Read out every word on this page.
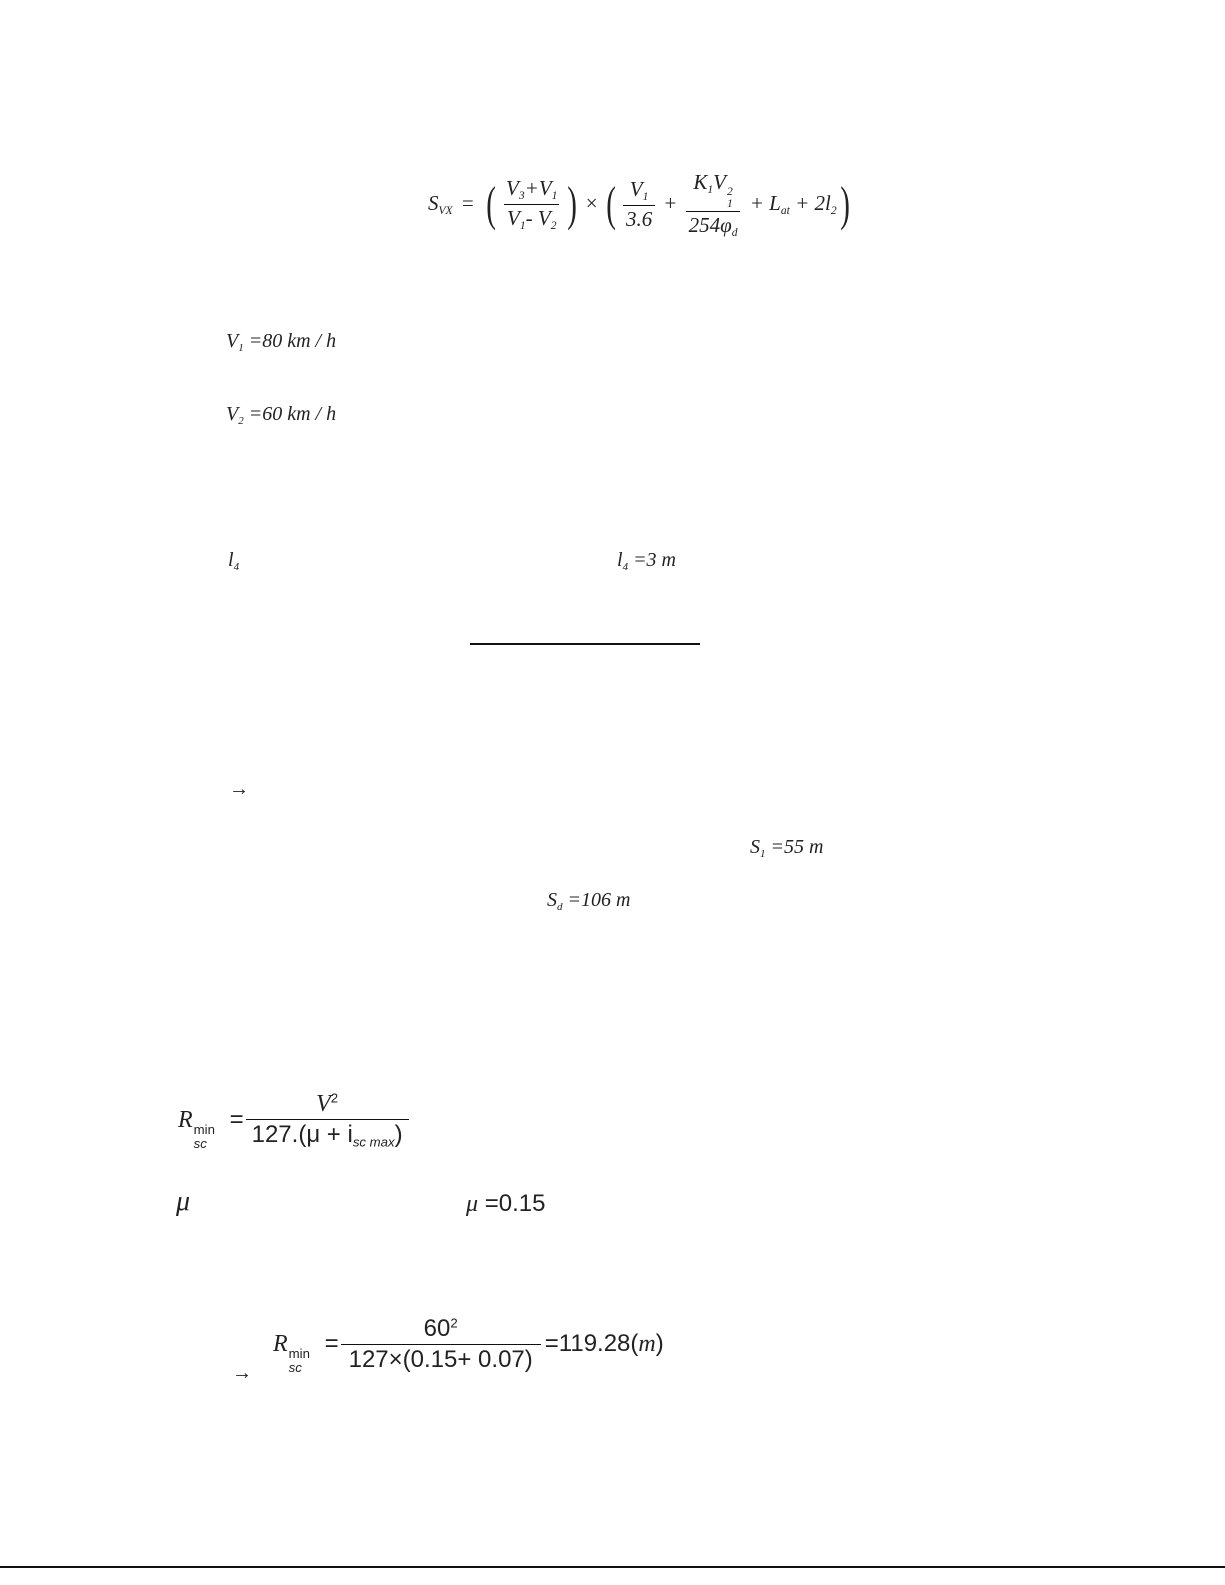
$S_{VX}$ = ( $\frac{V_3+V_1}{V_1- V_2}$ ) × ( $\frac{V_1}{3.6} + K_1V$ 2
1
$254\varphi_d + L_{at} + 2l_2$)
$V_1 =80$ km / h
$V_2 =60$ km / h
$l_4$	$l_4 =3$ m
→
$S_1 =55$ m
$S_d =106$ m
R min
sc
= $\frac{V^2}{127.(\mu + i_{sc max})}$
μ	μ =0.15
→
R min
sc
= $\frac{60^2}{127\times(0.15+ 0.07)} =119.28(m)$
